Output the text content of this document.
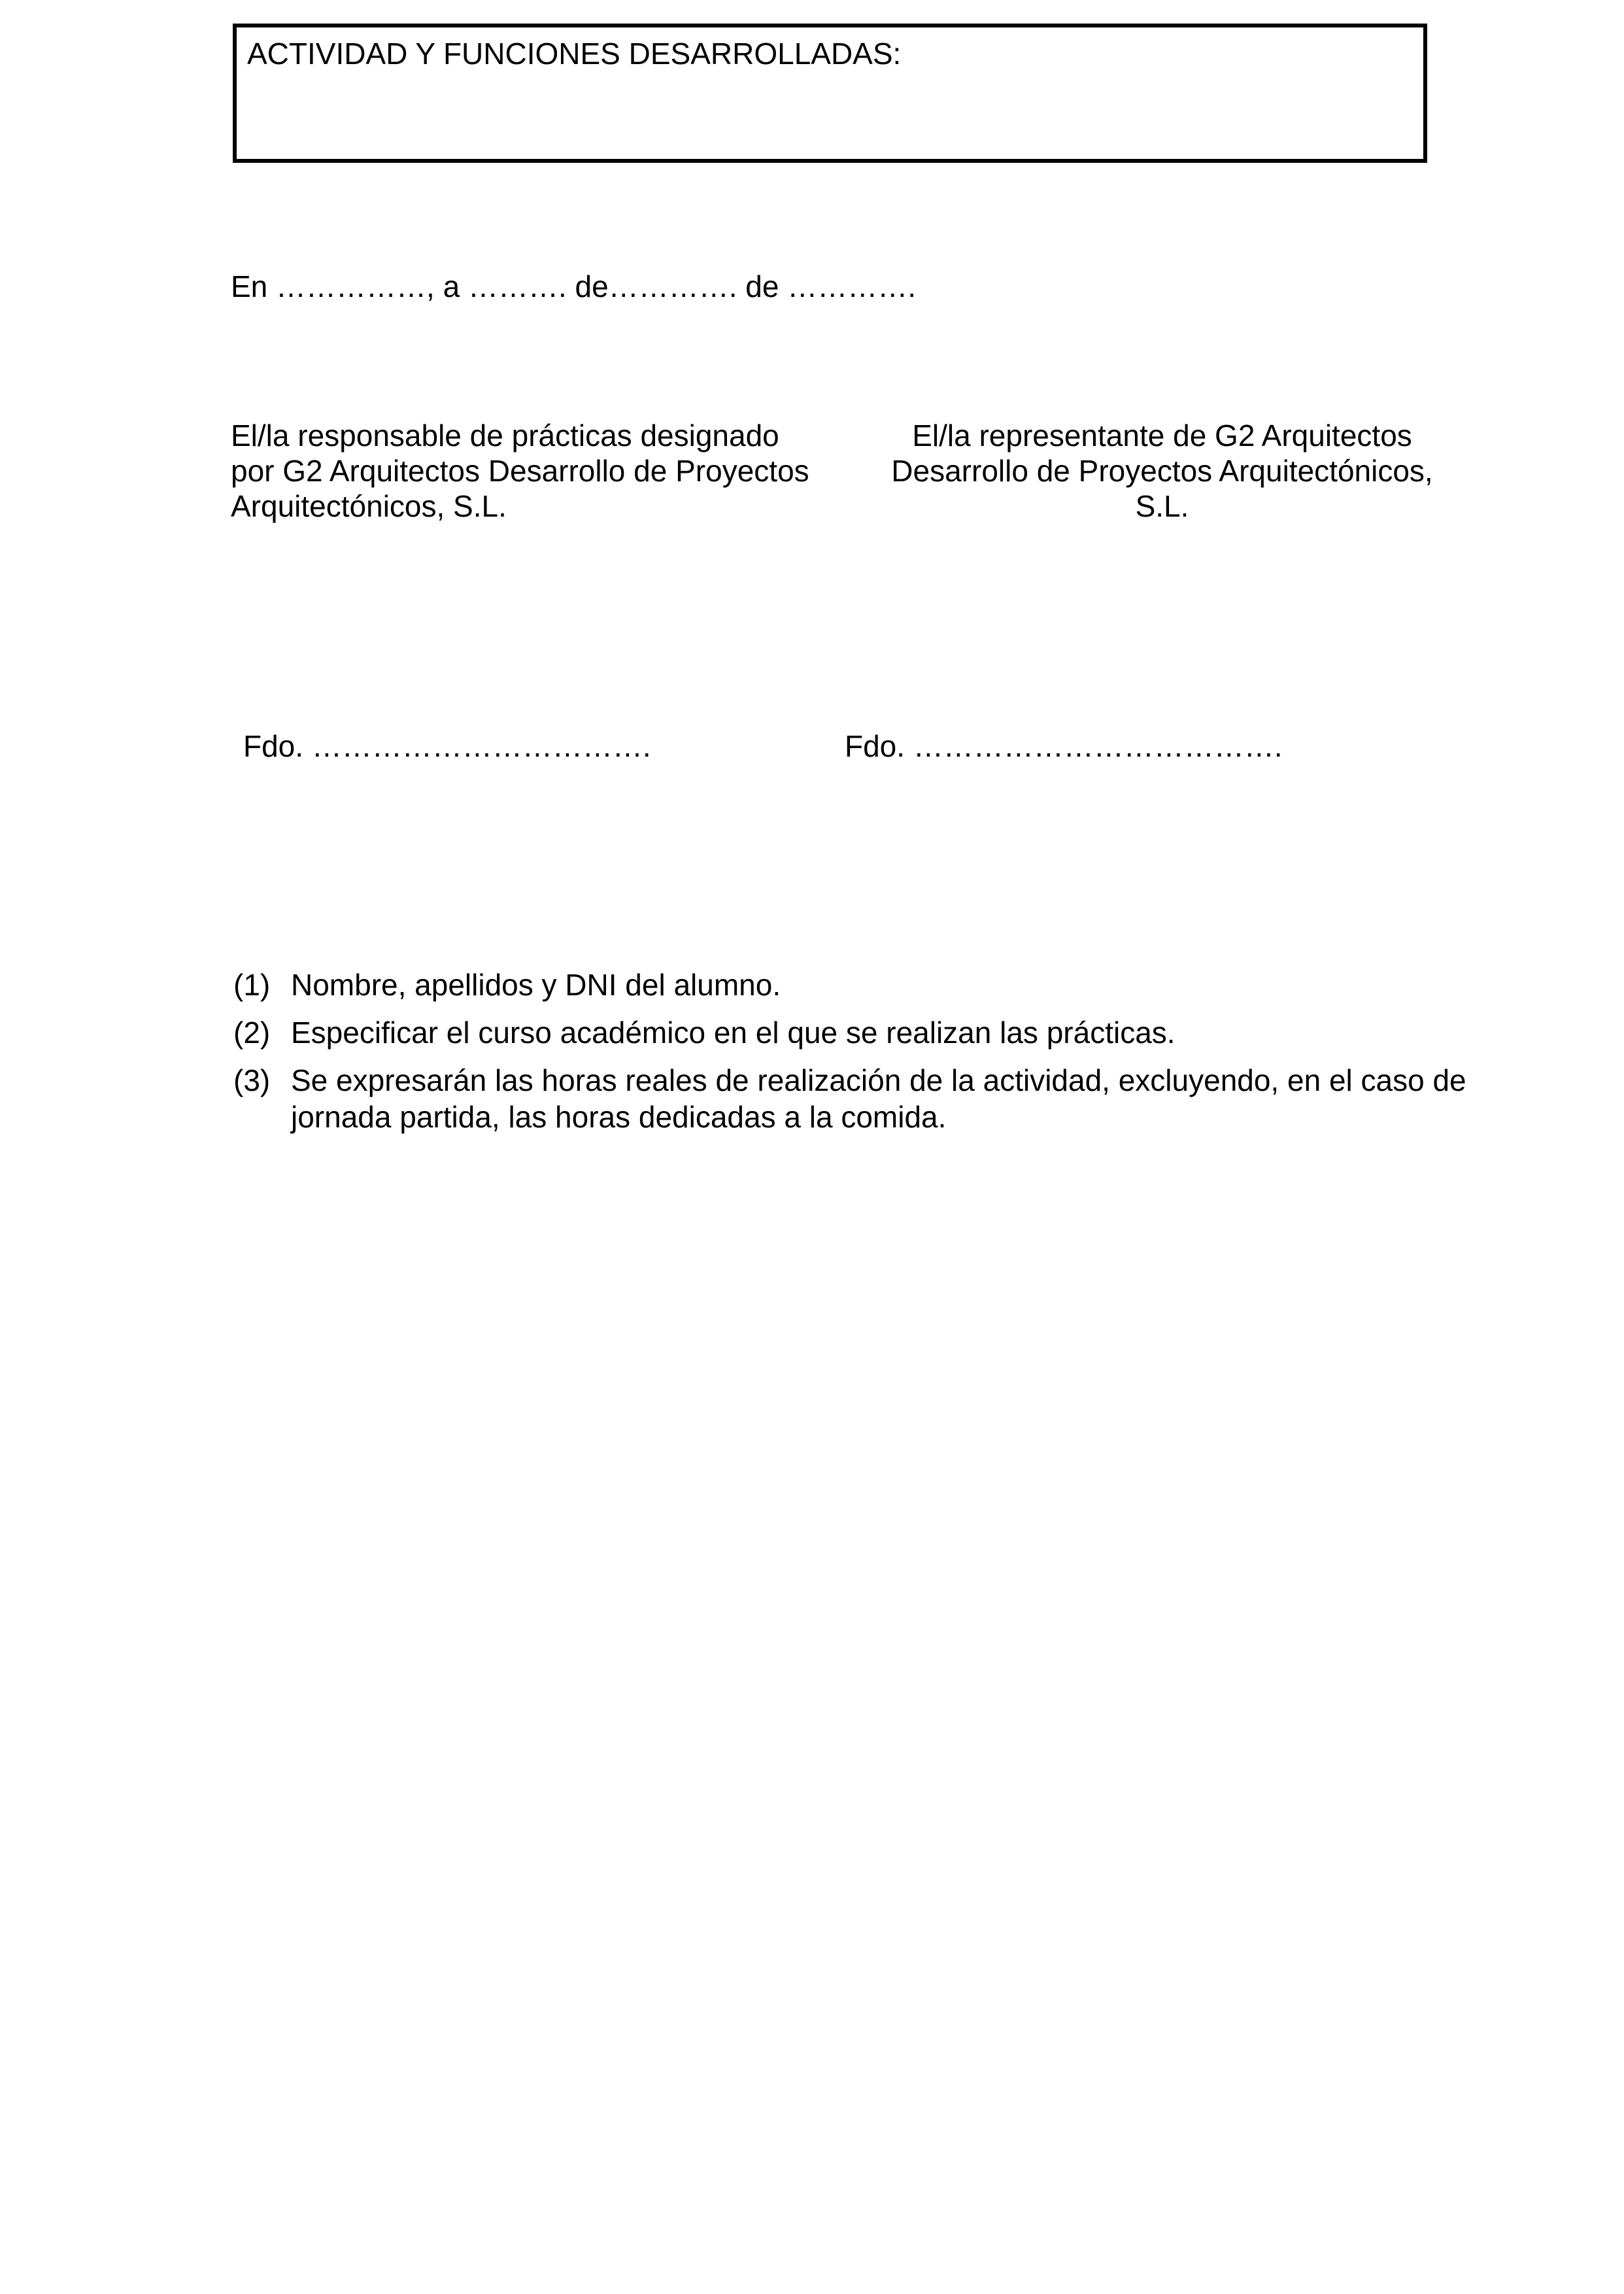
ACTIVIDAD Y FUNCIONES DESARROLLADAS:
En ……………, a ………. de…………. de ………….
El/la responsable de prácticas designado
por G2 Arquitectos Desarrollo de Proyectos
Arquitectónicos, S.L.
El/la representante de G2 Arquitectos
Desarrollo de Proyectos Arquitectónicos, S.L.
Fdo. …………………………….	Fdo. ……………………………….
(1) Nombre, apellidos y DNI del alumno.
(2) Especificar el curso académico en el que se realizan las prácticas.
(3) Se expresarán las horas reales de realización de la actividad, excluyendo, en el caso de
jornada partida, las horas dedicadas a la comida.
